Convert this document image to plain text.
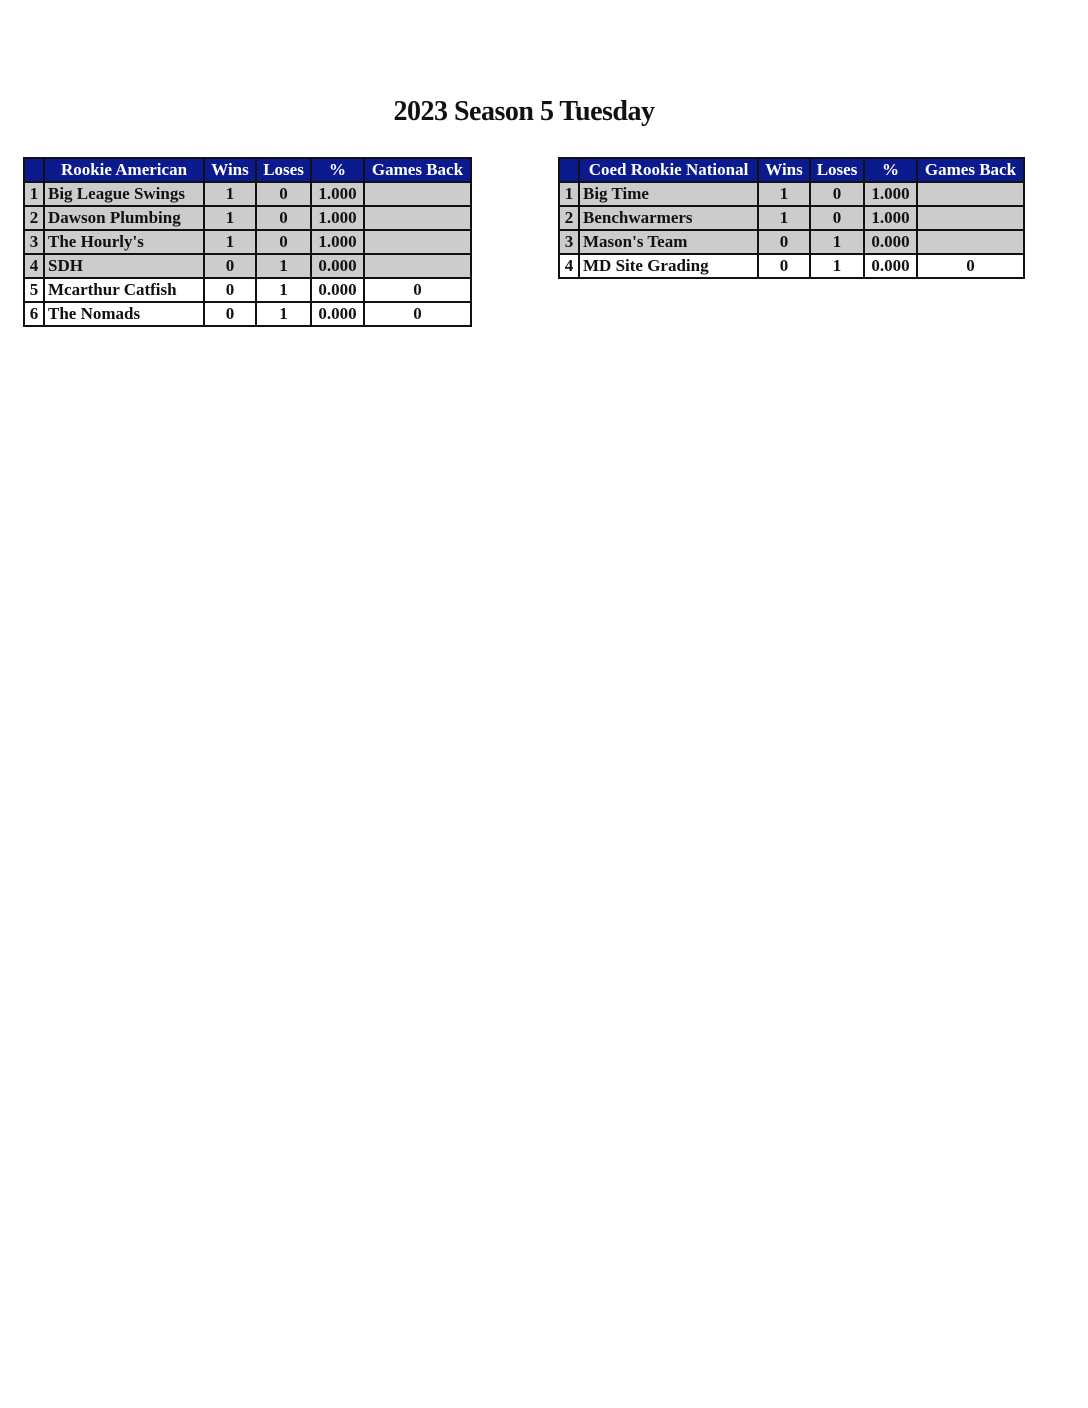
2023 Season 5 Tuesday
	Rookie American	Wins	Loses	%	Games Back
1	Big League Swings	1	0	1.000	
2	Dawson Plumbing	1	0	1.000	
3	The Hourly's	1	0	1.000	
4	SDH	0	1	0.000	
5	Mcarthur Catfish	0	1	0.000	0
6	The Nomads	0	1	0.000	0
	Coed Rookie National	Wins	Loses	%	Games Back
1	Big Time	1	0	1.000	
2	Benchwarmers	1	0	1.000	
3	Mason's Team	0	1	0.000	
4	MD Site Grading	0	1	0.000	0
